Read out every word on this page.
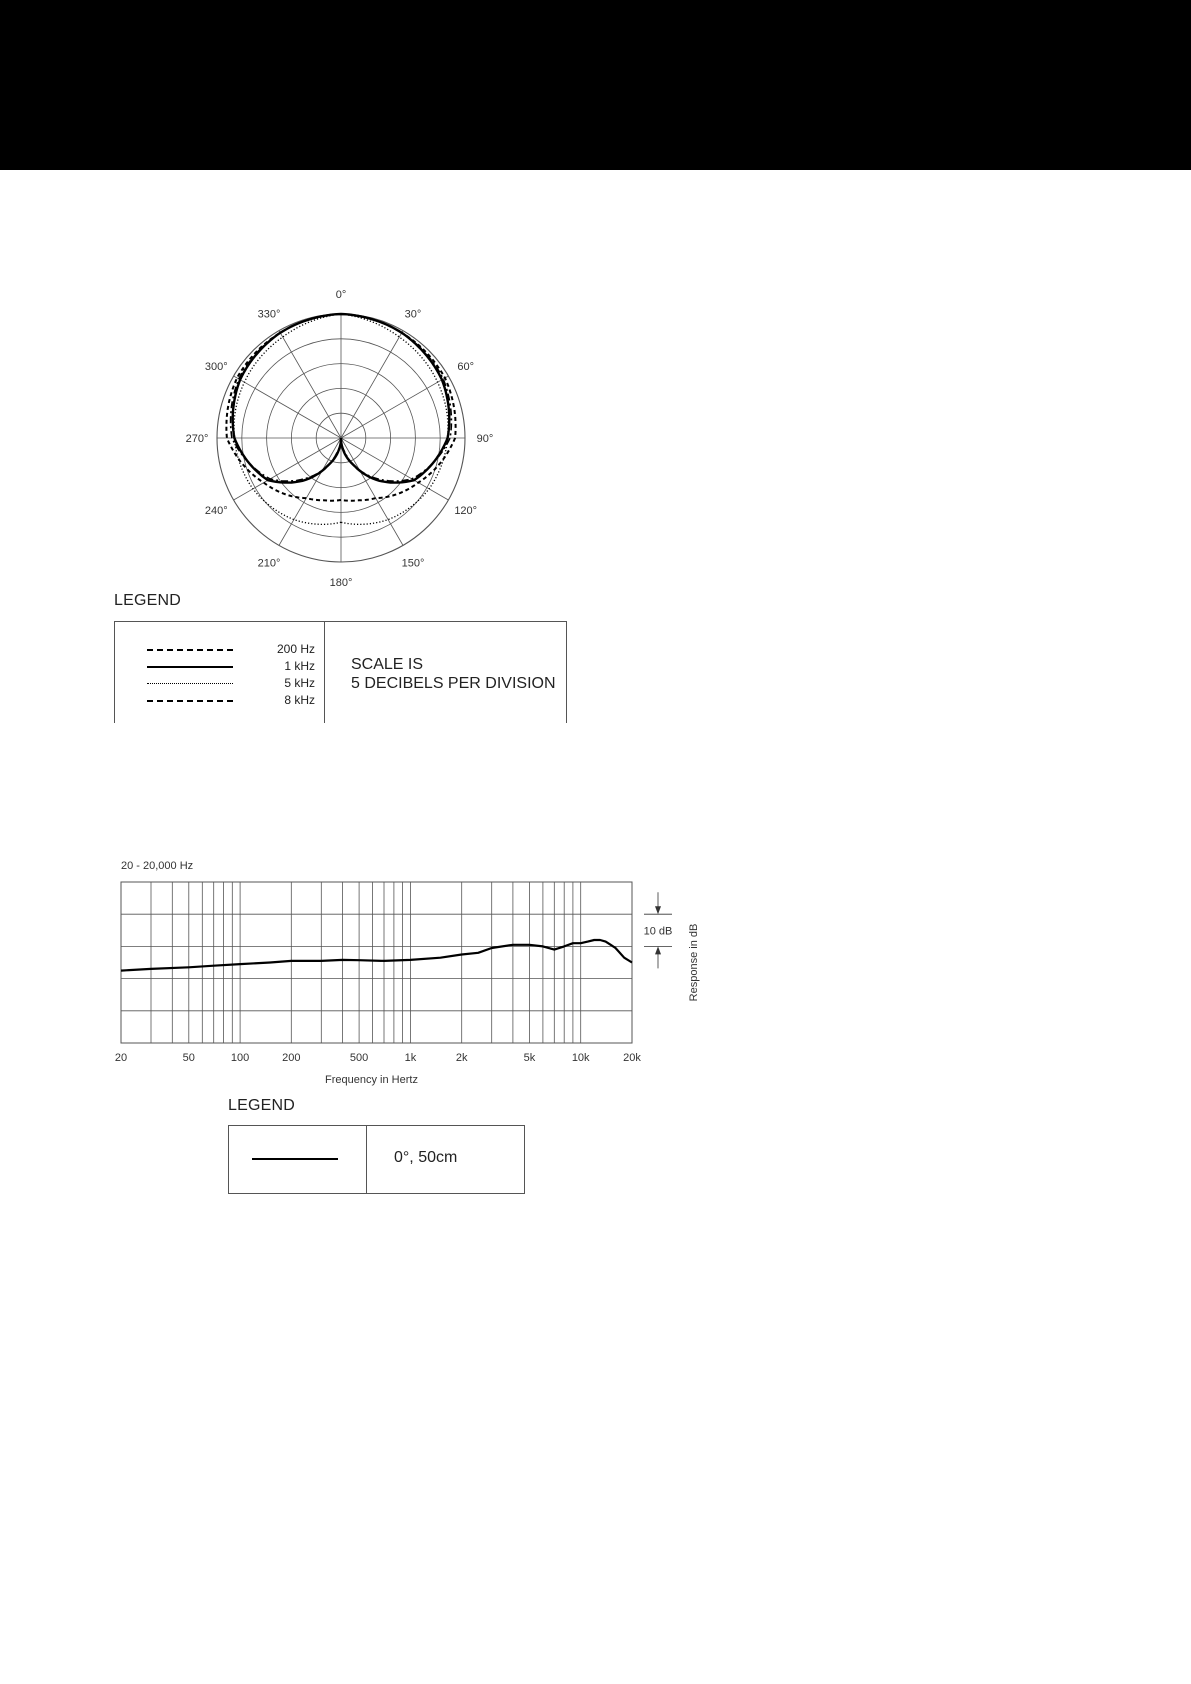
0°
30°
60°
90°
120°
150°
180°
210°
240°
270°
300°
330°
LEGEND
200 Hz
1 kHz
5 kHz
8 kHz
SCALE IS
5 DECIBELS PER DIVISION
20 - 20,000 Hz
20	50	100	200	500	1k	2k	5k	10k	20k
Frequency in Hertz
Response in dB
10 dB
LEGEND
0°, 50cm
